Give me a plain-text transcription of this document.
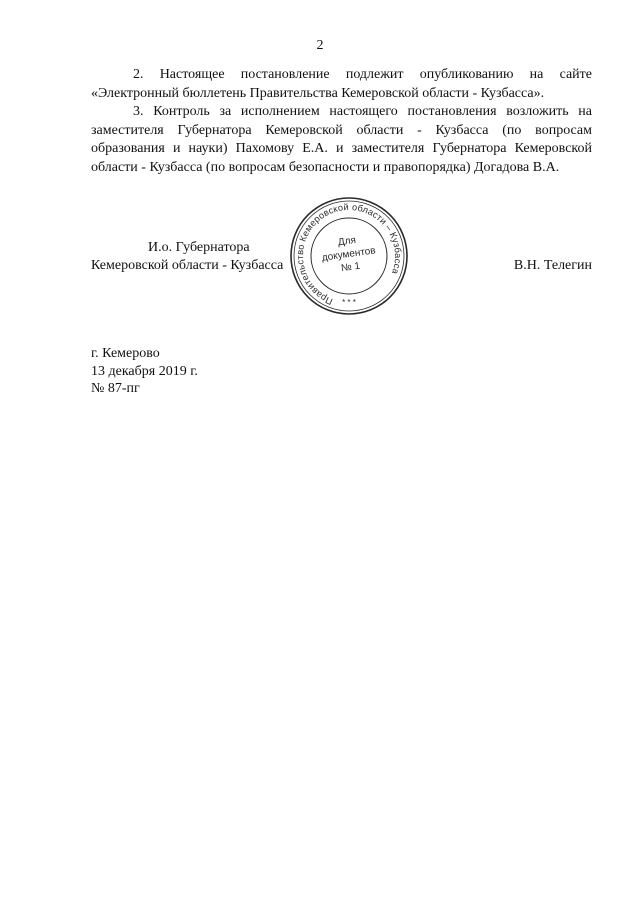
2

2. Настоящее постановление подлежит опубликованию на сайте «Электронный бюллетень Правительства Кемеровской области - Кузбасса».

3. Контроль за исполнением настоящего постановления возложить на заместителя Губернатора Кемеровской области - Кузбасса (по вопросам образования и науки) Пахомову Е.А. и заместителя Губернатора Кемеровской области - Кузбасса (по вопросам безопасности и правопорядка) Догадова В.А.

И.о. Губернатора
Кемеровской области - Кузбасса	В.Н. Телегин
Правительство Кемеровской области – Кузбасса
Для
документов
№ 1
* * *
г. Кемерово
13 декабря 2019 г.
№ 87-пг
